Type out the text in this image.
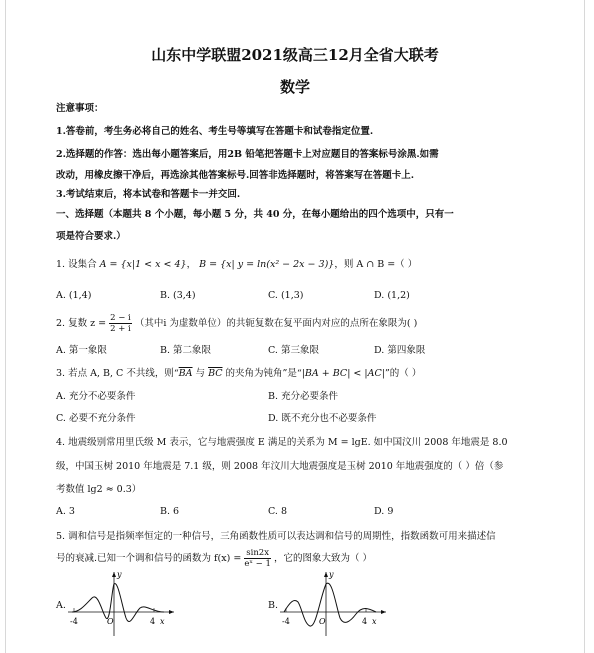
山东中学联盟2021级高三12月全省大联考
数学
注意事项：
1.答卷前，考生务必将自己的姓名、考生号等填写在答题卡和试卷指定位置.
2.选择题的作答：选出每小题答案后，用2B 铅笔把答题卡上对应题目的答案标号涂黑.如需
改动，用橡皮擦干净后，再选涂其他答案标号.回答非选择题时，将答案写在答题卡上.
3.考试结束后，将本试卷和答题卡一并交回.
一、选择题（本题共 8 个小题，每小题 5 分，共 40 分，在每小题给出的四个选项中，只有一
项是符合要求.）
1. 设集合 A = {x|1 < x < 4}， B = {x| y = ln(x² − 2x − 3)}，则 A ∩ B =（ ）
A. (1,4)	B. (3,4)	C. (1,3)	D. (1,2)
2. 复数 $z = \frac{2 - i}{2 + i}$ （其中i 为虚数单位）的共轭复数在复平面内对应的点所在象限为( )
A. 第一象限	B. 第二象限	C. 第三象限	D. 第四象限
3. 若点 A, B, C 不共线，则“$\overline{BA}$ 与 $\overline{BC}$ 的夹角为钝角”是“|BA + BC| < |AC|”的（ ）
A. 充分不必要条件	B. 充分必要条件
C. 必要不充分条件	D. 既不充分也不必要条件
4. 地震级别常用里氏级 M 表示，它与地震强度 E 满足的关系为 M = lgE. 如中国汶川 2008 年地震是 8.0
级，中国玉树 2010 年地震是 7.1 级，则 2008 年汶川大地震强度是玉树 2010 年地震强度的（ ）倍（参
考数值 lg2 ≈ 0.3）
A. 3	B. 6	C. 8	D. 9
5. 调和信号是指频率恒定的一种信号，三角函数性质可以表达调和信号的周期性，指数函数可用来描述信
号的衰减.已知一个调和信号的函数为 $f(x) = \frac{\sin 2x}{\text{eˣ − 1}}$ ，它的图象大致为（ ）
A.
-4	O	4 x
y
B.
-4	O	4 x
y
